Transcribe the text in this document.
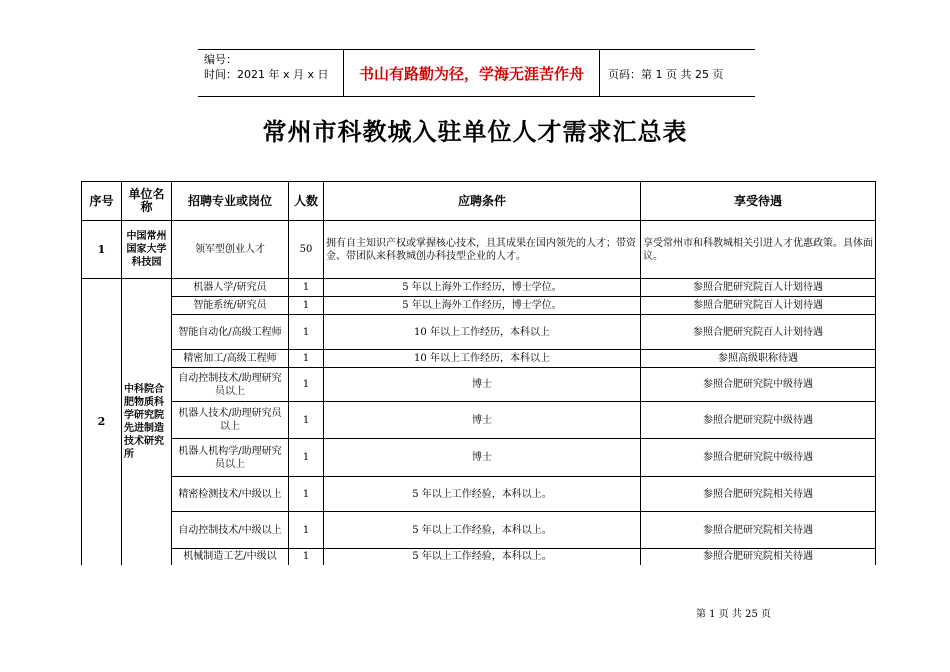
编号：
时间：2021 年 x 月 x 日	书山有路勤为径，学海无涯苦作舟	页码：第 1 页 共 25 页
常州市科教城入驻单位人才需求汇总表
序号	单位名称	招聘专业或岗位	人数	应聘条件	享受待遇
1	中国常州国家大学科技园	领军型创业人才	50	拥有自主知识产权或掌握核心技术，且其成果在国内领先的人才；带资金、带团队来科教城创办科技型企业的人才。	享受常州市和科教城相关引进人才优惠政策。具体面议。
2	中科院合肥物质科学研究院先进制造技术研究所	机器人学/研究员	1	5 年以上海外工作经历，博士学位。	参照合肥研究院百人计划待遇
		智能系统/研究员	1	5 年以上海外工作经历，博士学位。	参照合肥研究院百人计划待遇
		智能自动化/高级工程师	1	10 年以上工作经历，本科以上	参照合肥研究院百人计划待遇
		精密加工/高级工程师	1	10 年以上工作经历，本科以上	参照高级职称待遇
		自动控制技术/助理研究员以上	1	博士	参照合肥研究院中级待遇
		机器人技术/助理研究员以上	1	博士	参照合肥研究院中级待遇
		机器人机构学/助理研究员以上	1	博士	参照合肥研究院中级待遇
		精密检测技术/中级以上	1	5 年以上工作经验，本科以上。	参照合肥研究院相关待遇
		自动控制技术/中级以上	1	5 年以上工作经验，本科以上。	参照合肥研究院相关待遇
		机械制造工艺/中级以	1	5 年以上工作经验，本科以上。	参照合肥研究院相关待遇
第 1 页 共 25 页
